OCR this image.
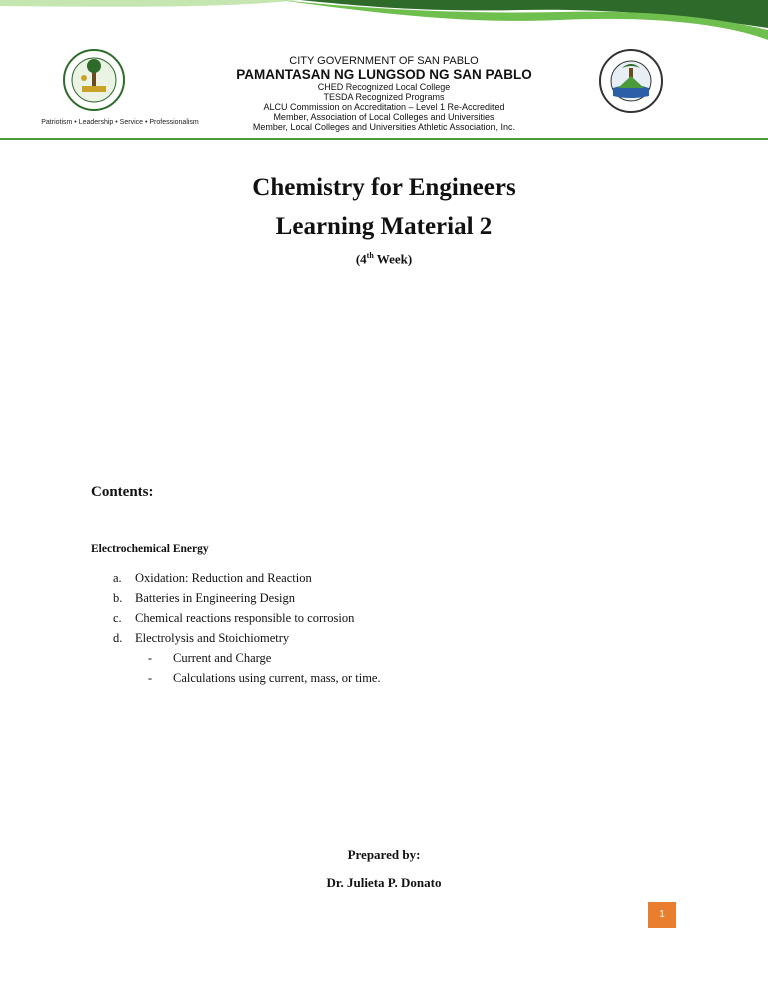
Patriotism • Leadership • Service • Professionalism
CITY GOVERNMENT OF SAN PABLO
PAMANTASAN NG LUNGSOD NG SAN PABLO
CHED Recognized Local College
TESDA Recognized Programs
ALCU Commission on Accreditation – Level 1 Re-Accredited
Member, Association of Local Colleges and Universities
Member, Local Colleges and Universities Athletic Association, Inc.
Chemistry for Engineers
Learning Material 2
(4th Week)
Contents:
Electrochemical Energy
a. Oxidation: Reduction and Reaction
b. Batteries in Engineering Design
c. Chemical reactions responsible to corrosion
d. Electrolysis and Stoichiometry
- Current and Charge
- Calculations using current, mass, or time.
Prepared by:
Dr. Julieta P. Donato
1
